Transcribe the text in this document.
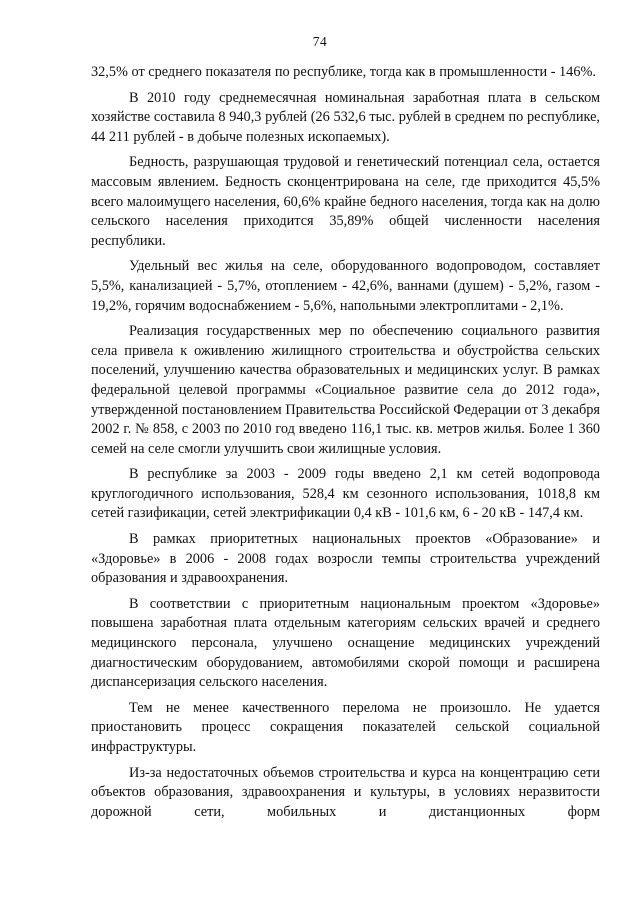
74

32,5% от среднего показателя по республике, тогда как в промышленности - 146%.

В 2010 году среднемесячная номинальная заработная плата в сельском хозяйстве составила 8 940,3 рублей (26 532,6 тыс. рублей в среднем по республике, 44 211 рублей - в добыче полезных ископаемых).

Бедность, разрушающая трудовой и генетический потенциал села, остается массовым явлением. Бедность сконцентрирована на селе, где приходится 45,5% всего малоимущего населения, 60,6% крайне бедного населения, тогда как на долю сельского населения приходится 35,89% общей численности населения республики.

Удельный вес жилья на селе, оборудованного водопроводом, составляет 5,5%, канализацией - 5,7%, отоплением - 42,6%, ваннами (душем) - 5,2%, газом - 19,2%, горячим водоснабжением - 5,6%, напольными электроплитами - 2,1%.

Реализация государственных мер по обеспечению социального развития села привела к оживлению жилищного строительства и обустройства сельских поселений, улучшению качества образовательных и медицинских услуг. В рамках федеральной целевой программы «Социальное развитие села до 2012 года», утвержденной постановлением Правительства Российской Федерации от 3 декабря 2002 г. № 858, с 2003 по 2010 год введено 116,1 тыс. кв. метров жилья. Более 1 360 семей на селе смогли улучшить свои жилищные условия.

В республике за 2003 - 2009 годы введено 2,1 км сетей водопровода круглогодичного использования, 528,4 км сезонного использования, 1018,8 км сетей газификации, сетей электрификации 0,4 кВ - 101,6 км, 6 - 20 кВ - 147,4 км.

В рамках приоритетных национальных проектов «Образование» и «Здоровье» в 2006 - 2008 годах возросли темпы строительства учреждений образования и здравоохранения.

В соответствии с приоритетным национальным проектом «Здоровье» повышена заработная плата отдельным категориям сельских врачей и среднего медицинского персонала, улучшено оснащение медицинских учреждений диагностическим оборудованием, автомобилями скорой помощи и расширена диспансеризация сельского населения.

Тем не менее качественного перелома не произошло. Не удается приостановить процесс сокращения показателей сельской социальной инфраструктуры.

Из-за недостаточных объемов строительства и курса на концентрацию сети объектов образования, здравоохранения и культуры, в условиях неразвитости дорожной сети, мобильных и дистанционных форм
